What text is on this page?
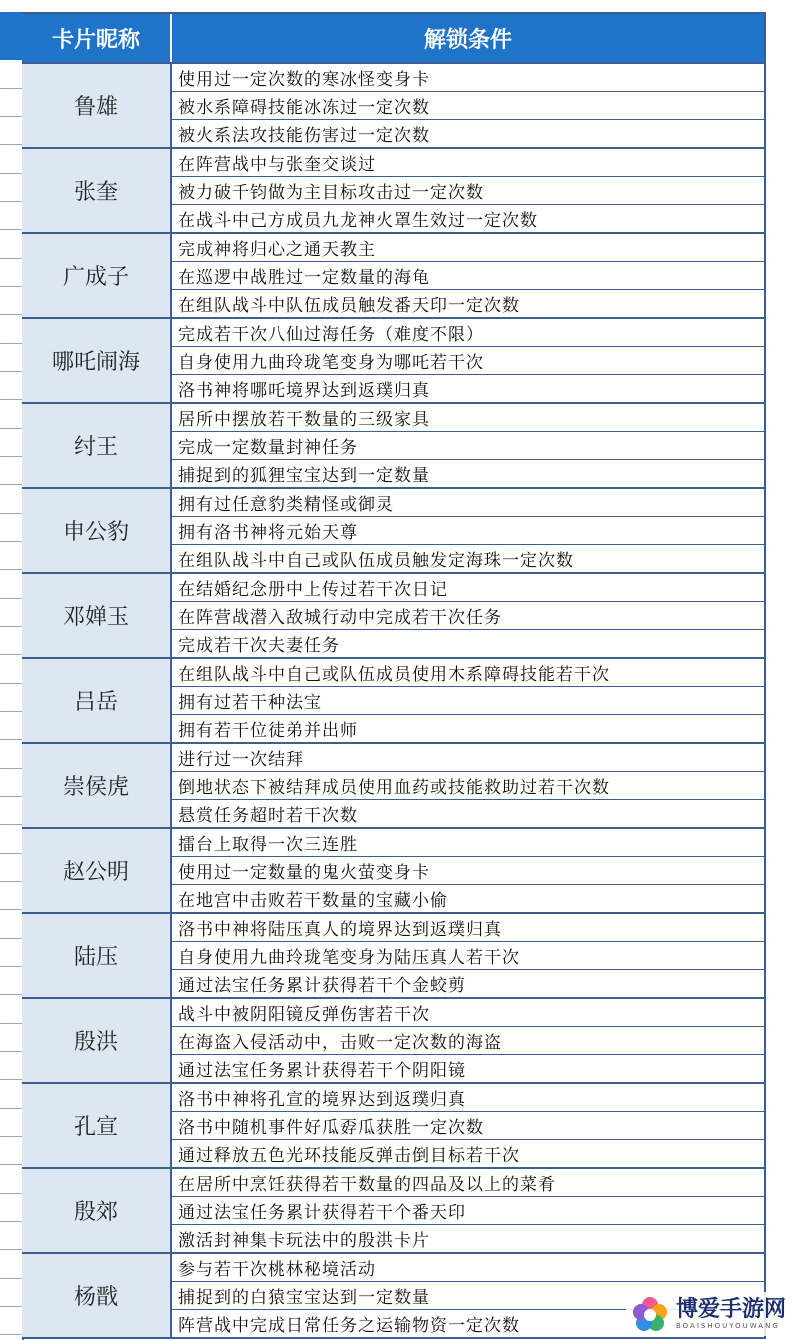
卡片昵称	解锁条件
鲁雄
使用过一定次数的寒冰怪变身卡
被水系障碍技能冰冻过一定次数
被火系法攻技能伤害过一定次数
张奎
在阵营战中与张奎交谈过
被力破千钧做为主目标攻击过一定次数
在战斗中己方成员九龙神火罩生效过一定次数
广成子
完成神将归心之通天教主
在巡逻中战胜过一定数量的海龟
在组队战斗中队伍成员触发番天印一定次数
哪吒闹海
完成若干次八仙过海任务（难度不限）
自身使用九曲玲珑笔变身为哪吒若干次
洛书神将哪吒境界达到返璞归真
纣王
居所中摆放若干数量的三级家具
完成一定数量封神任务
捕捉到的狐狸宝宝达到一定数量
申公豹
拥有过任意豹类精怪或御灵
拥有洛书神将元始天尊
在组队战斗中自己或队伍成员触发定海珠一定次数
邓婵玉
在结婚纪念册中上传过若干次日记
在阵营战潜入敌城行动中完成若干次任务
完成若干次夫妻任务
吕岳
在组队战斗中自己或队伍成员使用木系障碍技能若干次
拥有过若干种法宝
拥有若干位徒弟并出师
崇侯虎
进行过一次结拜
倒地状态下被结拜成员使用血药或技能救助过若干次数
悬赏任务超时若干次数
赵公明
擂台上取得一次三连胜
使用过一定数量的鬼火萤变身卡
在地宫中击败若干数量的宝藏小偷
陆压
洛书中神将陆压真人的境界达到返璞归真
自身使用九曲玲珑笔变身为陆压真人若干次
通过法宝任务累计获得若干个金蛟剪
殷洪
战斗中被阴阳镜反弹伤害若干次
在海盗入侵活动中，击败一定次数的海盗
通过法宝任务累计获得若干个阴阳镜
孔宣
洛书中神将孔宣的境界达到返璞归真
洛书中随机事件好瓜孬瓜获胜一定次数
通过释放五色光环技能反弹击倒目标若干次
殷郊
在居所中烹饪获得若干数量的四品及以上的菜肴
通过法宝任务累计获得若干个番天印
激活封神集卡玩法中的殷洪卡片
杨戬
参与若干次桃林秘境活动
捕捉到的白猿宝宝达到一定数量
阵营战中完成日常任务之运输物资一定次数
博爱手游网
BOAISHOUYOUWANG
